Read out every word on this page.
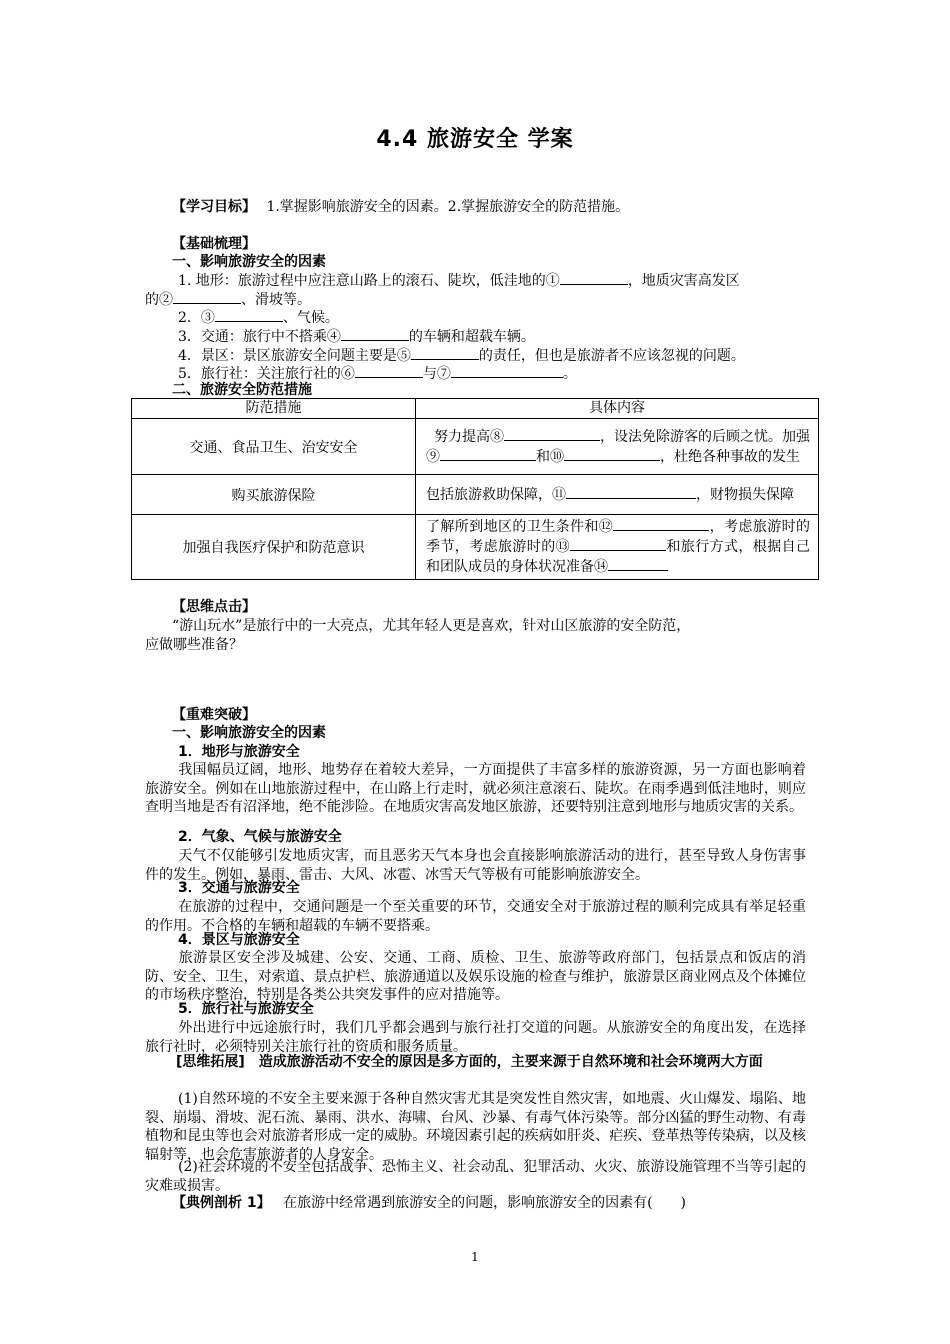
4.4 旅游安全 学案
【学习目标】 1.掌握影响旅游安全的因素。2.掌握旅游安全的防范措施。
【基础梳理】
一、影响旅游安全的因素
1. 地形：旅游过程中应注意山路上的滚石、陡坎，低洼地的①	，地质灾害高发区
的②	、滑坡等。
2．③	、气候。
3．交通：旅行中不搭乘④	的车辆和超载车辆。
4．景区：景区旅游安全问题主要是⑤	的责任，但也是旅游者不应该忽视的问题。
5．旅行社：关注旅行社的⑥	与⑦	。
二、旅游安全防范措施
防范措施	具体内容
交通、食品卫生、治安安全	努力提高⑧ ，设法免除游客的后顾之忧。加强⑨ 和⑩ ，杜绝各种事故的发生
购买旅游保险	包括旅游救助保障，⑪ ，财物损失保障
加强自我医疗保护和防范意识	了解所到地区的卫生条件和⑫ ，考虑旅游时的季节，考虑旅游时的⑬ 和旅行方式，根据自己和团队成员的身体状况准备⑭
【思维点击】
“游山玩水”是旅行中的一大亮点，尤其年轻人更是喜欢，针对山区旅游的安全防范，
应做哪些准备？
【重难突破】
一、影响旅游安全的因素
1．地形与旅游安全
我国幅员辽阔，地形、地势存在着较大差异，一方面提供了丰富多样的旅游资源，另一方面也影响着旅游安全。例如在山地旅游过程中，在山路上行走时，就必须注意滚石、陡坎。在雨季遇到低洼地时，则应查明当地是否有沼泽地，绝不能涉险。在地质灾害高发地区旅游，还要特别注意到地形与地质灾害的关系。
2．气象、气候与旅游安全
天气不仅能够引发地质灾害，而且恶劣天气本身也会直接影响旅游活动的进行，甚至导致人身伤害事件的发生。例如，暴雨、雷击、大风、冰雹、冰雪天气等极有可能影响旅游安全。
3．交通与旅游安全
在旅游的过程中，交通问题是一个至关重要的环节，交通安全对于旅游过程的顺利完成具有举足轻重的作用。不合格的车辆和超载的车辆不要搭乘。
4．景区与旅游安全
旅游景区安全涉及城建、公安、交通、工商、质检、卫生、旅游等政府部门，包括景点和饭店的消防、安全、卫生，对索道、景点护栏、旅游通道以及娱乐设施的检查与维护，旅游景区商业网点及个体摊位的市场秩序整治，特别是各类公共突发事件的应对措施等。
5．旅行社与旅游安全
外出进行中远途旅行时，我们几乎都会遇到与旅行社打交道的问题。从旅游安全的角度出发，在选择旅行社时，必须特别关注旅行社的资质和服务质量。
[思维拓展] 造成旅游活动不安全的原因是多方面的，主要来源于自然环境和社会环境两大方面
(1)自然环境的不安全主要来源于各种自然灾害尤其是突发性自然灾害，如地震、火山爆发、塌陷、地裂、崩塌、滑坡、泥石流、暴雨、洪水、海啸、台风、沙暴、有毒气体污染等。部分凶猛的野生动物、有毒植物和昆虫等也会对旅游者形成一定的威胁。环境因素引起的疾病如肝炎、疟疾、登革热等传染病，以及核辐射等，也会危害旅游者的人身安全。
(2)社会环境的不安全包括战争、恐怖主义、社会动乱、犯罪活动、火灾、旅游设施管理不当等引起的灾难或损害。
【典例剖析 1】 在旅游中经常遇到旅游安全的问题，影响旅游安全的因素有(　　)
1
